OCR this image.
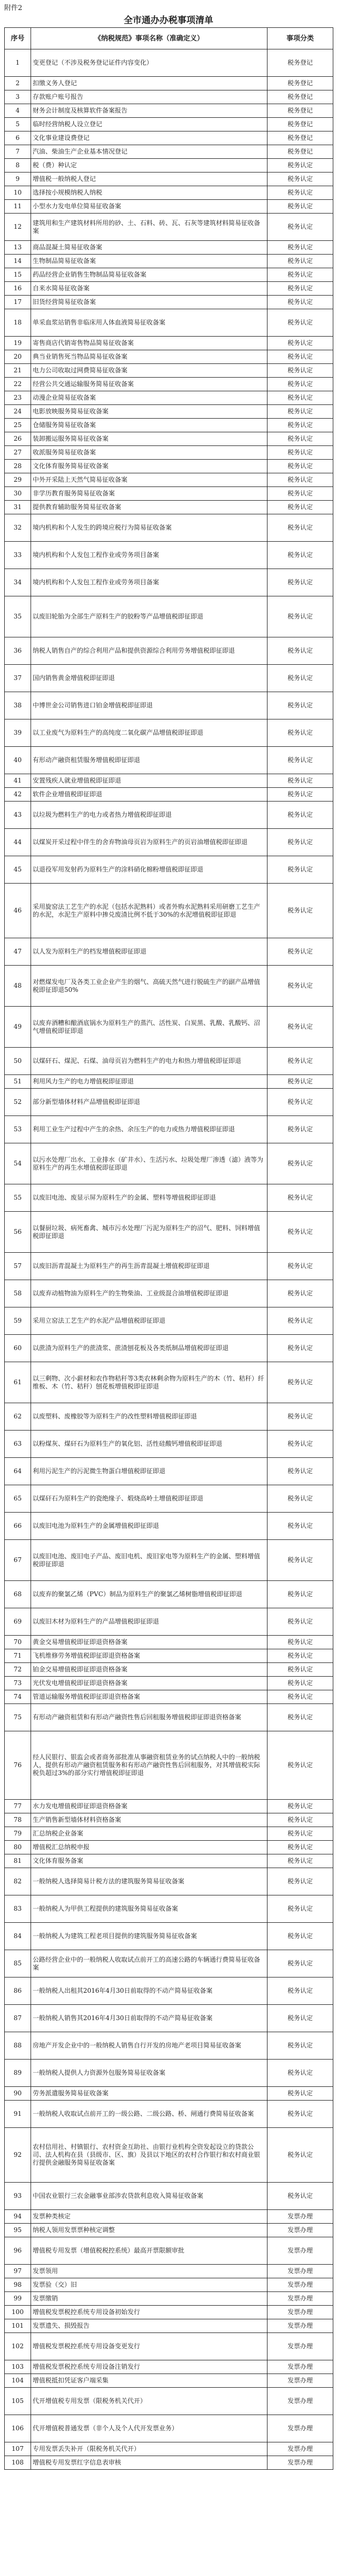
附件2
全市通办办税事项清单
序号	《纳税规范》事项名称（准确定义）	事项分类
1	变更登记（不涉及税务登记证件内容变化）	税务登记
2	扣缴义务人登记	税务登记
3	存款账户账号报告	税务登记
4	财务会计制度及核算软件备案报告	税务登记
5	临时经营纳税人设立登记	税务登记
6	文化事业建设费登记	税务登记
7	汽油、柴油生产企业基本情况登记	税务登记
8	税（费）种认定	税务认定
9	增值税一般纳税人登记	税务认定
10	选择按小规模纳税人纳税	税务认定
11	小型水力发电单位简易征收备案	税务认定
12	建筑用和生产建筑材料所用的砂、土、石料、砖、瓦、石灰等建筑材料简易征收备案	税务认定
13	商品混凝土简易征收备案	税务认定
14	生物制品简易征收备案	税务认定
15	药品经营企业销售生物制品简易征收备案	税务认定
16	自来水简易征收备案	税务认定
17	旧货经营简易征收备案	税务认定
18	单采血浆站销售非临床用人体血液简易征收备案	税务认定
19	寄售商店代销寄售物品简易征收备案	税务认定
20	典当业销售死当物品简易征收备案	税务认定
21	电力公司收取过网费简易征收备案	税务认定
22	经营公共交通运输服务简易征收备案	税务认定
23	动漫企业简易征收备案	税务认定
24	电影放映服务简易征收备案	税务认定
25	仓储服务简易征收备案	税务认定
26	装卸搬运服务简易征收备案	税务认定
27	收派服务简易征收备案	税务认定
28	文化体育服务简易征收备案	税务认定
29	中外开采陆上天然气简易征收备案	税务认定
30	非学历教育服务简易征收备案	税务认定
31	提供教育辅助服务简易征收备案	税务认定
32	境内机构和个人发生的跨境应税行为简易征收备案	税务认定
33	境内机构和个人发包工程作业或劳务项目备案	税务认定
34	境内机构和个人发包工程作业或劳务项目备案	税务认定
35	以废旧轮胎为全部生产原料生产的胶粉等产品增值税即征即退	税务认定
36	纳税人销售自产的综合利用产品和提供资源综合利用劳务增值税即征即退	税务认定
37	国内销售黄金增值税即征即退	税务认定
38	中博世金公司销售进口铂金增值税即征即退	税务认定
39	以工业废气为原料生产的高纯度二氧化碳产品增值税即征即退	税务认定
40	有形动产融资租赁服务增值税即征即退	税务认定
41	安置残疾人就业增值税即征即退	税务认定
42	软件企业增值税即征即退	税务认定
43	以垃圾为燃料生产的电力或者热力增值税即征即退	税务认定
44	以煤炭开采过程中伴生的舍弃物油母页岩为原料生产的页岩油增值税即征即退	税务认定
45	以退役军用发射药为原料生产的涂料硝化棉粉增值税即征即退	税务认定
46	采用旋窑法工艺生产的水泥（包括水泥熟料）或者外购水泥熟料采用研磨工艺生产的水泥，水泥生产原料中掺兑废渣比例不低于30%的水泥增值税即征即退	税务认定
47	以人发为原料生产的档发增值税即征即退	税务认定
48	对燃煤发电厂及各类工业企业产生的烟气、高硫天然气进行脱硫生产的副产品增值税即征即退50%	税务认定
49	以废弃酒糟和酿酒底锅水为原料生产的蒸汽、活性炭、白炭黑、乳酸、乳酸钙、沼气增值税即征即退	税务认定
50	以煤矸石、煤泥、石煤、油母页岩为燃料生产的电力和热力增值税即征即退	税务认定
51	利用风力生产的电力增值税即征即退	税务认定
52	部分新型墙体材料产品增值税即征即退	税务认定
53	利用工业生产过程中产生的余热、余压生产的电力或热力增值税即征即退	税务认定
54	以污水处理厂出水、工业排水（矿井水）、生活污水、垃圾处理厂渗透（滤）液等为原料生产的再生水增值税即征即退	税务认定
55	以废旧电池、废显示屏为原料生产的金属、塑料等增值税即征即退	税务认定
56	以餐厨垃圾、病死畜禽、城市污水处理厂污泥为原料生产的沼气、肥料、饲料增值税即征即退	税务认定
57	以废旧沥青混凝土为原料生产的再生沥青混凝土增值税即征即退	税务认定
58	以废弃动植物油为原料生产的生物柴油、工业级混合油增值税即征即退	税务认定
59	采用立窑法工艺生产的水泥产品增值税即征即退	税务认定
60	以蔗渣为原料生产的蔗渣浆、蔗渣刨花板及各类纸制品增值税即征即退	税务认定
61	以三剩物、次小薪材和农作物秸秆等3类农林剩余物为原料生产的木（竹、秸秆）纤维板、木（竹、秸秆）刨花板增值税即征即退	税务认定
62	以废塑料、废橡胶等为原料生产的改性塑料增值税即征即退	税务认定
63	以粉煤灰、煤矸石为原料生产的氧化铝、活性硅酸钙增值税即征即退	税务认定
64	利用污泥生产的污泥微生物蛋白增值税即征即退	税务认定
65	以煤矸石为原料生产的瓷绝缘子、煅烧高岭土增值税即征即退	税务认定
66	以废旧电池为原料生产的金属增值税即征即退	税务认定
67	以废旧电池、废旧电子产品、废旧电机、废旧家电等为原料生产的金属、塑料增值税即征即退	税务认定
68	以废弃的聚氯乙烯（PVC）制品为原料生产的聚氯乙烯树脂增值税即征即退	税务认定
69	以废旧木材为原料生产的产品增值税即征即退	税务认定
70	黄金交易增值税即征即退资格备案	税务认定
71	飞机维修劳务增值税即征即退资格备案	税务认定
72	铂金交易增值税即征即退资格备案	税务认定
73	光伏发电增值税即征即退资格备案	税务认定
74	管道运输服务增值税即征即退资格备案	税务认定
75	有形动产融资租赁和有形动产融资性售后回租服务增值税即征即退资格备案	税务认定
76	经人民银行、银监会或者商务部批准从事融资租赁业务的试点纳税人中的一般纳税人，提供有形动产融资租赁服务和有形动产融资性售后回租服务，对其增值税实际税负超过3%的部分实行增值税即征即退	税务认定
77	水力发电增值税即征即退资格备案	税务认定
78	生产销售新型墙体材料资格备案	税务认定
79	汇总纳税企业备案	税务认定
80	增值税汇总纳税申报	税务认定
81	文化体育服务备案	税务认定
82	一般纳税人选择简易计税方法的建筑服务简易征收备案	税务认定
83	一般纳税人为甲供工程提供的建筑服务简易征收备案	税务认定
84	一般纳税人为建筑工程老项目提供的建筑服务简易征收备案	税务认定
85	公路经营企业中的一般纳税人收取试点前开工的高速公路的车辆通行费简易征收备案	税务认定
86	一般纳税人出租其2016年4月30日前取得的不动产简易征收备案	税务认定
87	一般纳税人销售其2016年4月30日前取得的不动产简易征收备案	税务认定
88	房地产开发企业中的一般纳税人销售自行开发的房地产老项目简易征收备案	税务认定
89	一般纳税人提供人力资源外包服务简易征收备案	税务认定
90	劳务派遣服务简易征收备案	税务认定
91	一般纳税人收取试点前开工的一级公路、二级公路、桥、闸通行费简易征收备案	税务认定
92	农村信用社、村镇银行、农村资金互助社、由银行业机构全资发起设立的贷款公司、法人机构在县（县级市、区、旗）及县以下地区的农村合作银行和农村商业银行提供金融服务简易征收备案	税务认定
93	中国农业银行三农金融事业部涉农贷款利息收入简易征收备案	税务认定
94	发票种类核定	发票办理
95	纳税人领用发票票种核定调整	发票办理
96	增值税专用发票（增值税税控系统）最高开票限额审批	发票办理
97	发票领用	发票办理
98	发票验（交）旧	发票办理
99	发票缴销	发票办理
100	增值税发票税控系统专用设备初始发行	发票办理
101	发票遗失、损毁报告	发票办理
102	增值税发票税控系统专用设备变更发行	发票办理
103	增值税发票税控系统专用设备注销发行	发票办理
104	增值税抵扣凭证客户端采集	发票办理
105	代开增值税专用发票（限税务机关代开）	发票办理
106	代开增值税普通发票（非个人及个人代开发票业务）	发票办理
107	专用发票丢失补开（限税务机关代开）	发票办理
108	增值税专用发票红字信息表审核	发票办理
